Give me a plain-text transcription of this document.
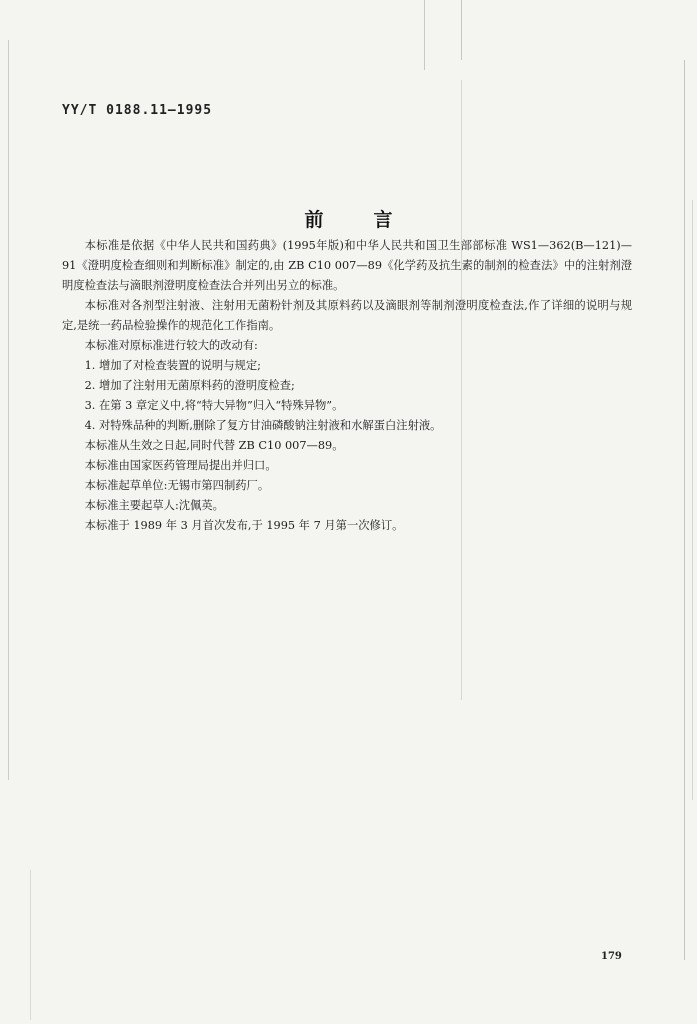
YY/T 0188.11—1995
前言

本标准是依据《中华人民共和国药典》(1995年版)和中华人民共和国卫生部部标准 WS1—362(B—121)—91《澄明度检查细则和判断标准》制定的,由 ZB C10 007—89《化学药及抗生素的制剂的检查法》中的注射剂澄明度检查法与滴眼剂澄明度检查法合并列出另立的标准。

本标准对各剂型注射液、注射用无菌粉针剂及其原料药以及滴眼剂等制剂澄明度检查法,作了详细的说明与规定,是统一药品检验操作的规范化工作指南。

本标准对原标准进行较大的改动有:

1. 增加了对检查装置的说明与规定;

2. 增加了注射用无菌原料药的澄明度检查;

3. 在第 3 章定义中,将“特大异物”归入“特殊异物”。

4. 对特殊品种的判断,删除了复方甘油磷酸钠注射液和水解蛋白注射液。

本标准从生效之日起,同时代替 ZB C10 007—89。

本标准由国家医药管理局提出并归口。

本标准起草单位:无锡市第四制药厂。

本标准主要起草人:沈佩英。

本标准于 1989 年 3 月首次发布,于 1995 年 7 月第一次修订。

179
